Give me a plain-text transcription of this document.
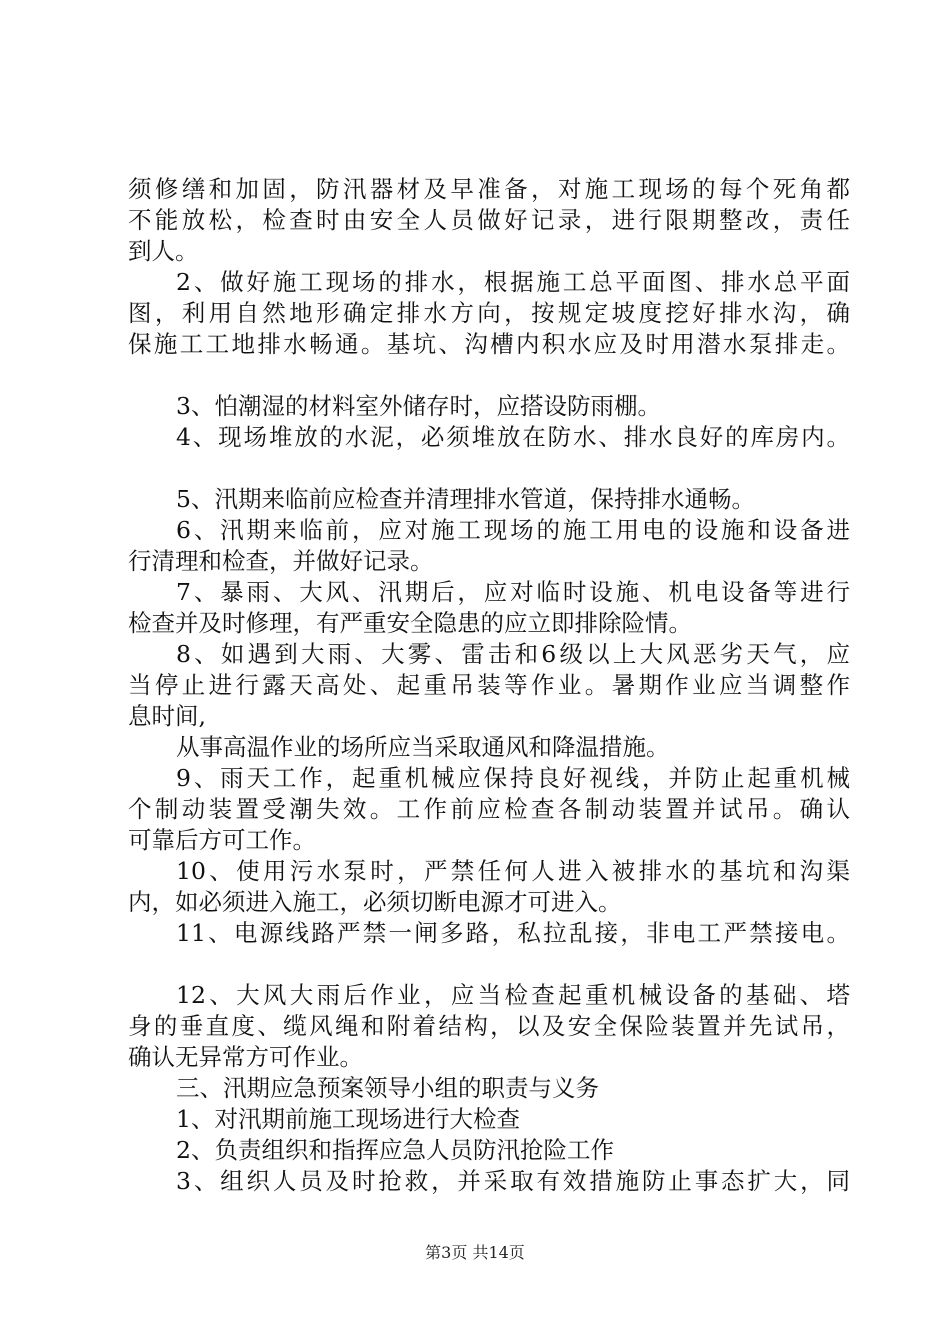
须修缮和加固，防汛器材及早准备，对施工现场的每个死角都
不能放松，检查时由安全人员做好记录，进行限期整改，责任
到人。
2、做好施工现场的排水，根据施工总平面图、排水总平面
图，利用自然地形确定排水方向，按规定坡度挖好排水沟，确
保施工工地排水畅通。基坑、沟槽内积水应及时用潜水泵排走。
3、怕潮湿的材料室外储存时，应搭设防雨棚。
4、现场堆放的水泥，必须堆放在防水、排水良好的库房内。
5、汛期来临前应检查并清理排水管道，保持排水通畅。
6、汛期来临前，应对施工现场的施工用电的设施和设备进
行清理和检查，并做好记录。
7、暴雨、大风、汛期后，应对临时设施、机电设备等进行
检查并及时修理，有严重安全隐患的应立即排除险情。
8、如遇到大雨、大雾、雷击和6级以上大风恶劣天气，应
当停止进行露天高处、起重吊装等作业。暑期作业应当调整作
息时间,
从事高温作业的场所应当采取通风和降温措施。
9、雨天工作，起重机械应保持良好视线，并防止起重机械
个制动装置受潮失效。工作前应检查各制动装置并试吊。确认
可靠后方可工作。
10、使用污水泵时，严禁任何人进入被排水的基坑和沟渠
内，如必须进入施工，必须切断电源才可进入。
11、电源线路严禁一闸多路，私拉乱接，非电工严禁接电。
12、大风大雨后作业，应当检查起重机械设备的基础、塔
身的垂直度、缆风绳和附着结构，以及安全保险装置并先试吊，
确认无异常方可作业。
三、汛期应急预案领导小组的职责与义务
1、对汛期前施工现场进行大检查
2、负责组织和指挥应急人员防汛抢险工作
3、组织人员及时抢救，并采取有效措施防止事态扩大，同
第3页 共14页
